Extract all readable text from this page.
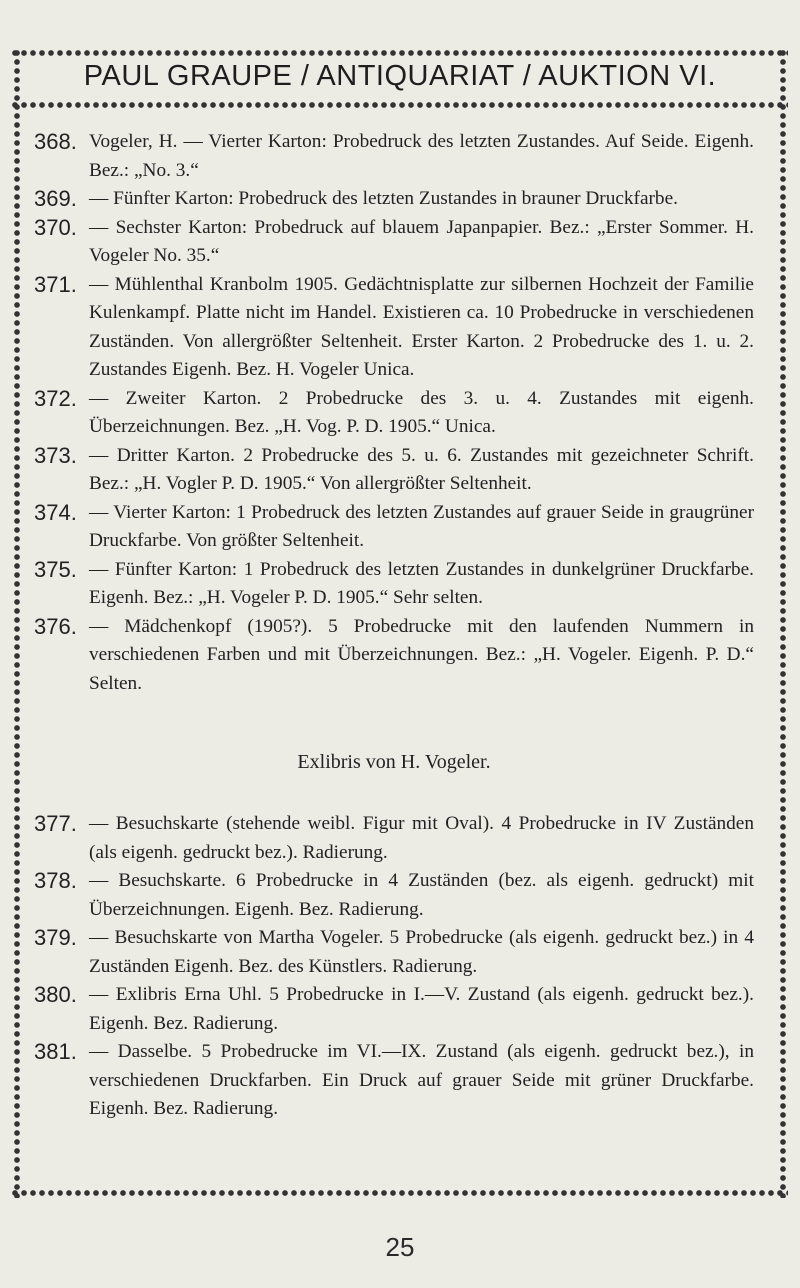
PAUL GRAUPE / ANTIQUARIAT / AUKTION VI.
368. Vogeler, H. — Vierter Karton: Probedruck des letzten Zustandes. Auf Seide. Eigenh. Bez.: „No. 3.“
369. — Fünfter Karton: Probedruck des letzten Zustandes in brauner Druckfarbe.
370. — Sechster Karton: Probedruck auf blauem Japanpapier. Bez.: „Erster Sommer. H. Vogeler No. 35.“
371. — Mühlenthal Kranbolm 1905. Gedächtnisplatte zur silbernen Hochzeit der Familie Kulenkampf. Platte nicht im Handel. Existieren ca. 10 Probedrucke in verschiedenen Zuständen. Von allergrößter Seltenheit. Erster Karton. 2 Probedrucke des 1. u. 2. Zustandes Eigenh. Bez. H. Vogeler Unica.
372. — Zweiter Karton. 2 Probedrucke des 3. u. 4. Zustandes mit eigenh. Überzeichnungen. Bez. „H. Vog. P. D. 1905.“ Unica.
373. — Dritter Karton. 2 Probedrucke des 5. u. 6. Zustandes mit gezeichneter Schrift. Bez.: „H. Vogler P. D. 1905.“ Von allergrößter Seltenheit.
374. — Vierter Karton: 1 Probedruck des letzten Zustandes auf grauer Seide in graugrüner Druckfarbe. Von größter Seltenheit.
375. — Fünfter Karton: 1 Probedruck des letzten Zustandes in dunkelgrüner Druckfarbe. Eigenh. Bez.: „H. Vogeler P. D. 1905.“ Sehr selten.
376. — Mädchenkopf (1905?). 5 Probedrucke mit den laufenden Nummern in verschiedenen Farben und mit Überzeichnungen. Bez.: „H. Vogeler. Eigenh. P. D.“ Selten.
Exlibris von H. Vogeler.
377. — Besuchskarte (stehende weibl. Figur mit Oval). 4 Probedrucke in IV Zuständen (als eigenh. gedruckt bez.). Radierung.
378. — Besuchskarte. 6 Probedrucke in 4 Zuständen (bez. als eigenh. gedruckt) mit Überzeichnungen. Eigenh. Bez. Radierung.
379. — Besuchskarte von Martha Vogeler. 5 Probedrucke (als eigenh. gedruckt bez.) in 4 Zuständen Eigenh. Bez. des Künstlers. Radierung.
380. — Exlibris Erna Uhl. 5 Probedrucke in I.—V. Zustand (als eigenh. gedruckt bez.). Eigenh. Bez. Radierung.
381. — Dasselbe. 5 Probedrucke im VI.—IX. Zustand (als eigenh. gedruckt bez.), in verschiedenen Druckfarben. Ein Druck auf grauer Seide mit grüner Druckfarbe. Eigenh. Bez. Radierung.
25
